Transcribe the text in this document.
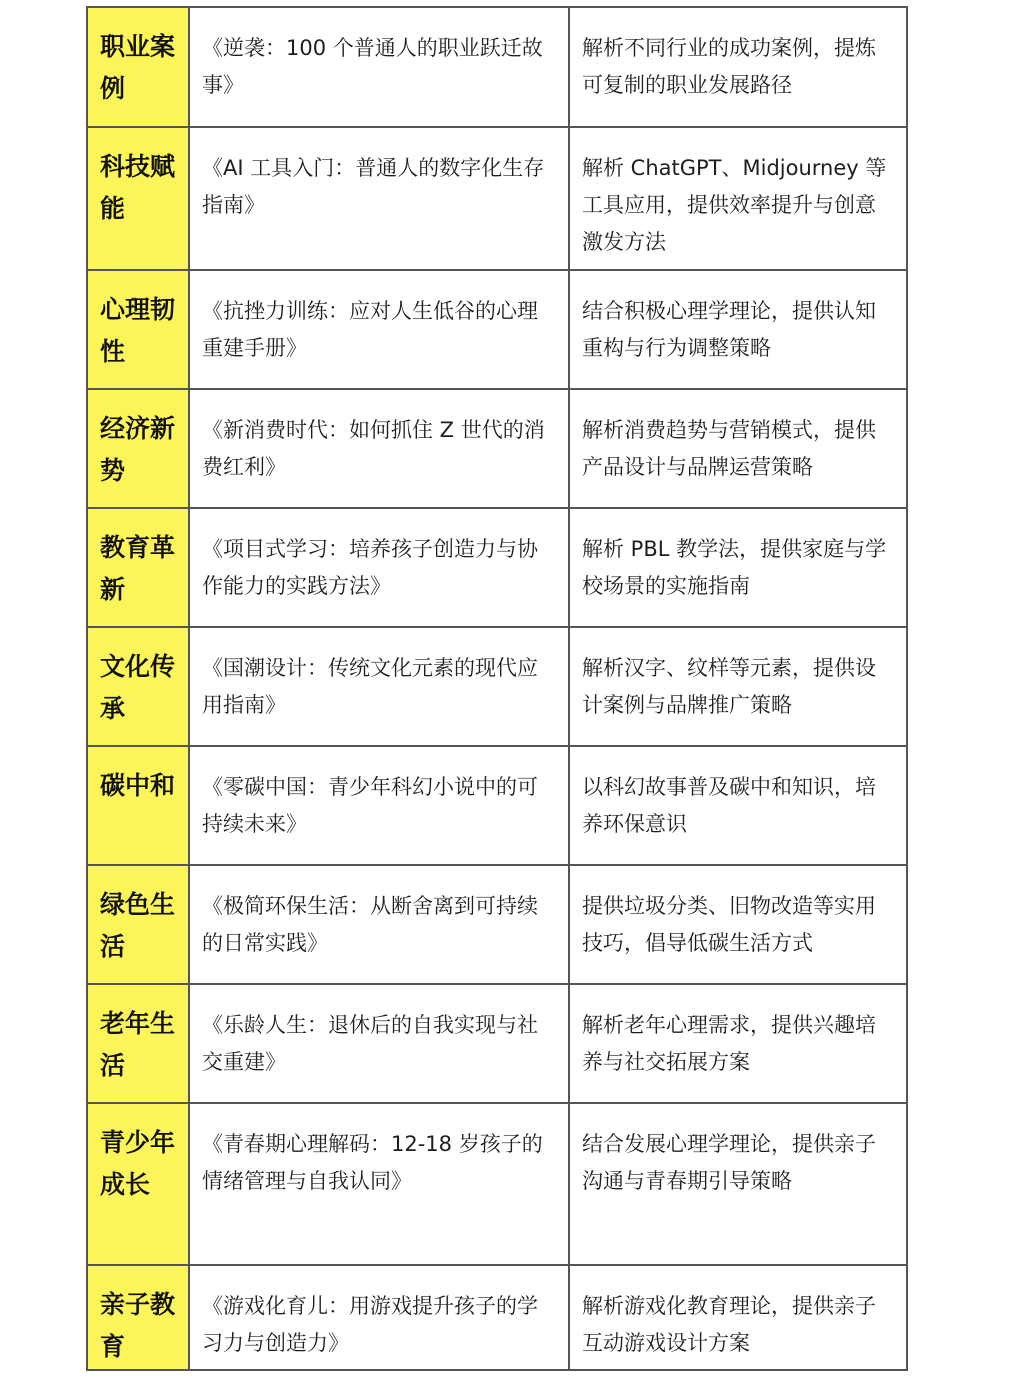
职业案例	《逆袭：100 个普通人的职业跃迁故事》	解析不同行业的成功案例，提炼可复制的职业发展路径

科技赋能	《AI 工具入门：普通人的数字化生存指南》	解析 ChatGPT、Midjourney 等工具应用，提供效率提升与创意激发方法

心理韧性	《抗挫力训练：应对人生低谷的心理重建手册》	结合积极心理学理论，提供认知重构与行为调整策略

经济新势	《新消费时代：如何抓住 Z 世代的消费红利》	解析消费趋势与营销模式，提供产品设计与品牌运营策略

教育革新	《项目式学习：培养孩子创造力与协作能力的实践方法》	解析 PBL 教学法，提供家庭与学校场景的实施指南

文化传承	《国潮设计：传统文化元素的现代应用指南》	解析汉字、纹样等元素，提供设计案例与品牌推广策略

碳中和	《零碳中国：青少年科幻小说中的可持续未来》	以科幻故事普及碳中和知识，培养环保意识

绿色生活	《极简环保生活：从断舍离到可持续的日常实践》	提供垃圾分类、旧物改造等实用技巧，倡导低碳生活方式

老年生活	《乐龄人生：退休后的自我实现与社交重建》	解析老年心理需求，提供兴趣培养与社交拓展方案

青少年成长	《青春期心理解码：12-18 岁孩子的情绪管理与自我认同》	结合发展心理学理论，提供亲子沟通与青春期引导策略

亲子教育	《游戏化育儿：用游戏提升孩子的学习力与创造力》	解析游戏化教育理论，提供亲子互动游戏设计方案
